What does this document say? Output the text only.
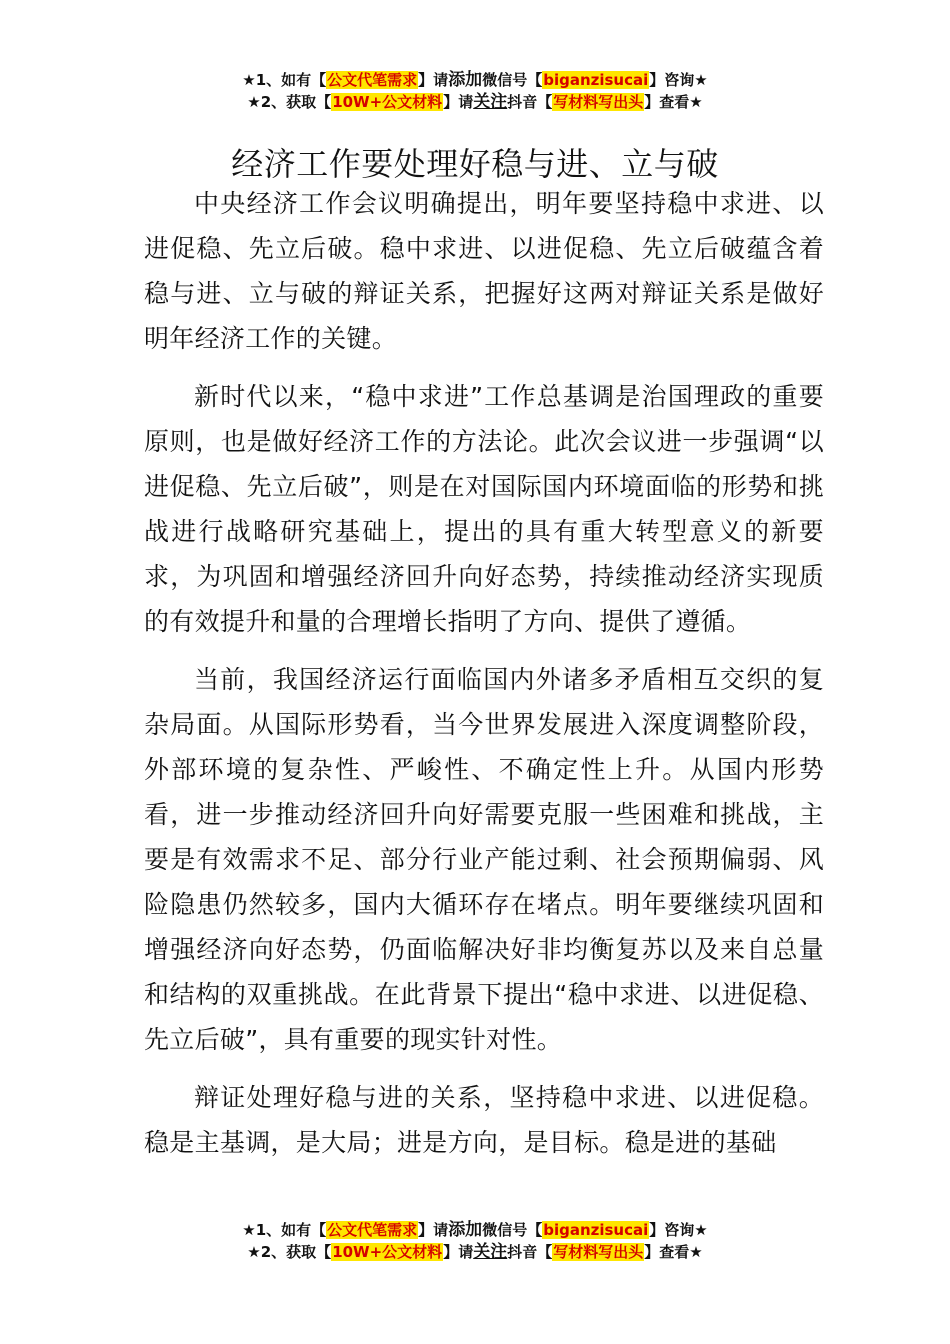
★1、如有【公文代笔需求】请添加微信号【biganzisucai】咨询★
★2、获取【10W+公文材料】请关注抖音【写材料写出头】查看★
经济工作要处理好稳与进、立与破

中央经济工作会议明确提出，明年要坚持稳中求进、以进促稳、先立后破。稳中求进、以进促稳、先立后破蕴含着稳与进、立与破的辩证关系，把握好这两对辩证关系是做好明年经济工作的关键。

新时代以来，“稳中求进”工作总基调是治国理政的重要原则，也是做好经济工作的方法论。此次会议进一步强调“以进促稳、先立后破”，则是在对国际国内环境面临的形势和挑战进行战略研究基础上，提出的具有重大转型意义的新要求，为巩固和增强经济回升向好态势，持续推动经济实现质的有效提升和量的合理增长指明了方向、提供了遵循。

当前，我国经济运行面临国内外诸多矛盾相互交织的复杂局面。从国际形势看，当今世界发展进入深度调整阶段，外部环境的复杂性、严峻性、不确定性上升。从国内形势看，进一步推动经济回升向好需要克服一些困难和挑战，主要是有效需求不足、部分行业产能过剩、社会预期偏弱、风险隐患仍然较多，国内大循环存在堵点。明年要继续巩固和增强经济向好态势，仍面临解决好非均衡复苏以及来自总量和结构的双重挑战。在此背景下提出“稳中求进、以进促稳、先立后破”，具有重要的现实针对性。

辩证处理好稳与进的关系，坚持稳中求进、以进促稳。稳是主基调，是大局；进是方向，是目标。稳是进的基础

★1、如有【公文代笔需求】请添加微信号【biganzisucai】咨询★
★2、获取【10W+公文材料】请关注抖音【写材料写出头】查看★
